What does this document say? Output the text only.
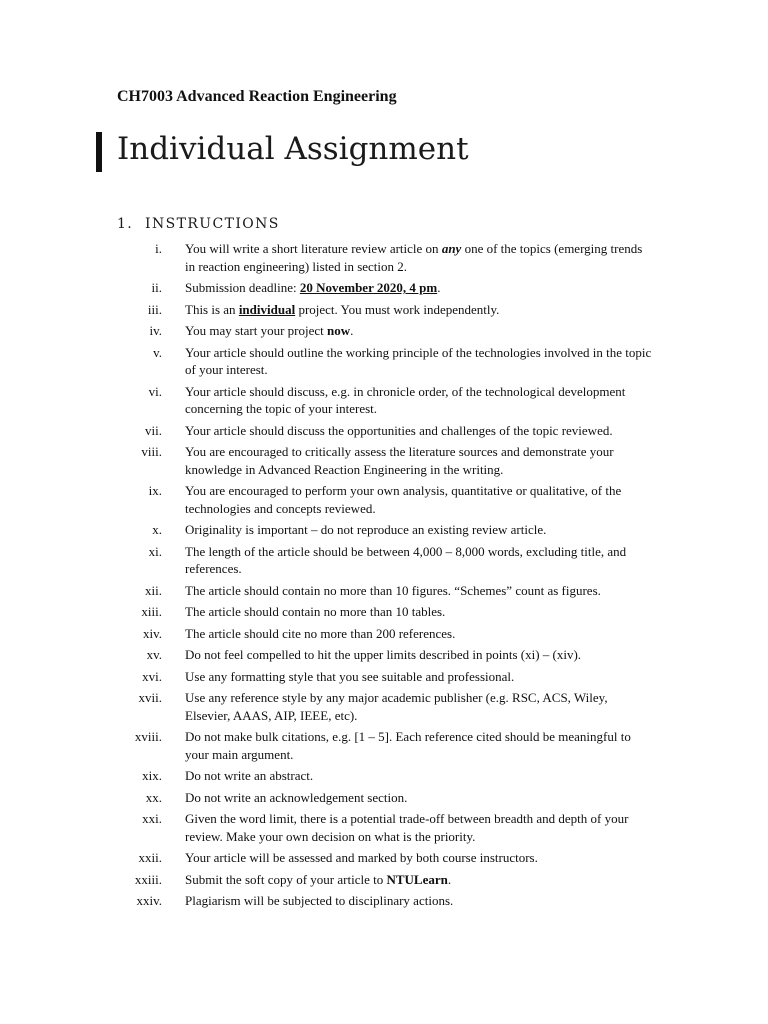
CH7003 Advanced Reaction Engineering
Individual Assignment
1. INSTRUCTIONS
i. You will write a short literature review article on any one of the topics (emerging trends in reaction engineering) listed in section 2.
ii. Submission deadline: 20 November 2020, 4 pm.
iii. This is an individual project. You must work independently.
iv. You may start your project now.
v. Your article should outline the working principle of the technologies involved in the topic of your interest.
vi. Your article should discuss, e.g. in chronicle order, of the technological development concerning the topic of your interest.
vii. Your article should discuss the opportunities and challenges of the topic reviewed.
viii. You are encouraged to critically assess the literature sources and demonstrate your knowledge in Advanced Reaction Engineering in the writing.
ix. You are encouraged to perform your own analysis, quantitative or qualitative, of the technologies and concepts reviewed.
x. Originality is important – do not reproduce an existing review article.
xi. The length of the article should be between 4,000 – 8,000 words, excluding title, and references.
xii. The article should contain no more than 10 figures. “Schemes” count as figures.
xiii. The article should contain no more than 10 tables.
xiv. The article should cite no more than 200 references.
xv. Do not feel compelled to hit the upper limits described in points (xi) – (xiv).
xvi. Use any formatting style that you see suitable and professional.
xvii. Use any reference style by any major academic publisher (e.g. RSC, ACS, Wiley, Elsevier, AAAS, AIP, IEEE, etc).
xviii. Do not make bulk citations, e.g. [1 – 5]. Each reference cited should be meaningful to your main argument.
xix. Do not write an abstract.
xx. Do not write an acknowledgement section.
xxi. Given the word limit, there is a potential trade-off between breadth and depth of your review. Make your own decision on what is the priority.
xxii. Your article will be assessed and marked by both course instructors.
xxiii. Submit the soft copy of your article to NTULearn.
xxiv. Plagiarism will be subjected to disciplinary actions.
